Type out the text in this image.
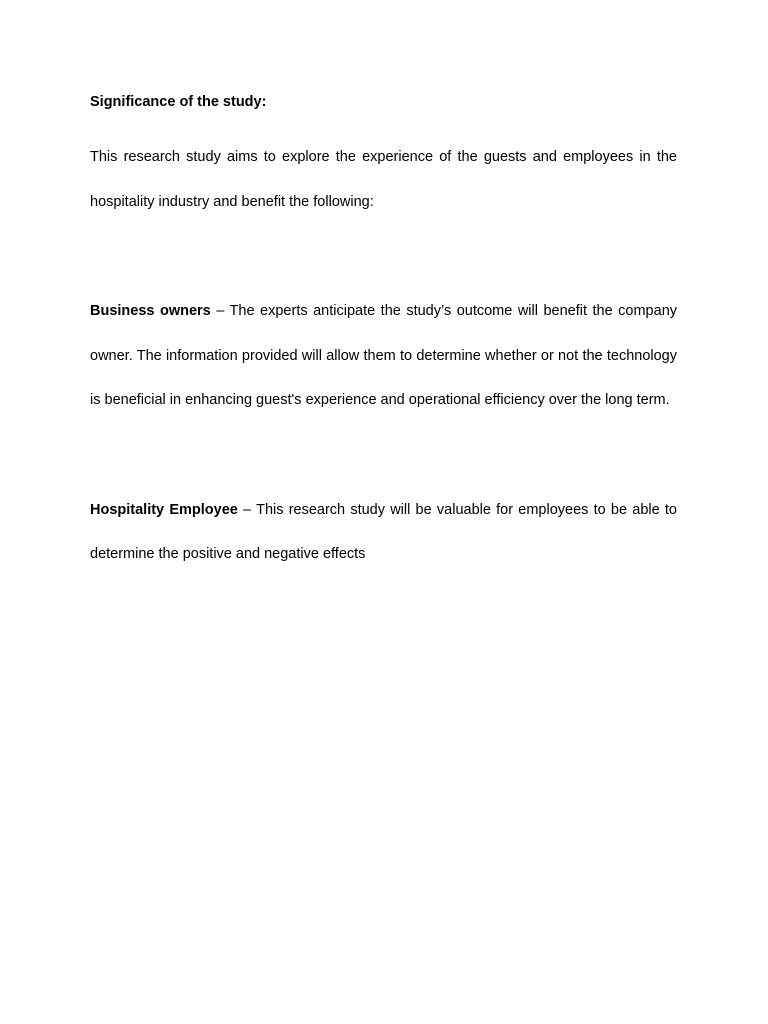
Significance of the study:

This research study aims to explore the experience of the guests and employees in the hospitality industry and benefit the following:

Business owners – The experts anticipate the study’s outcome will benefit the company owner. The information provided will allow them to determine whether or not the technology is beneficial in enhancing guest's experience and operational efficiency over the long term.

Hospitality Employee – This research study will be valuable for employees to be able to determine the positive and negative effects
